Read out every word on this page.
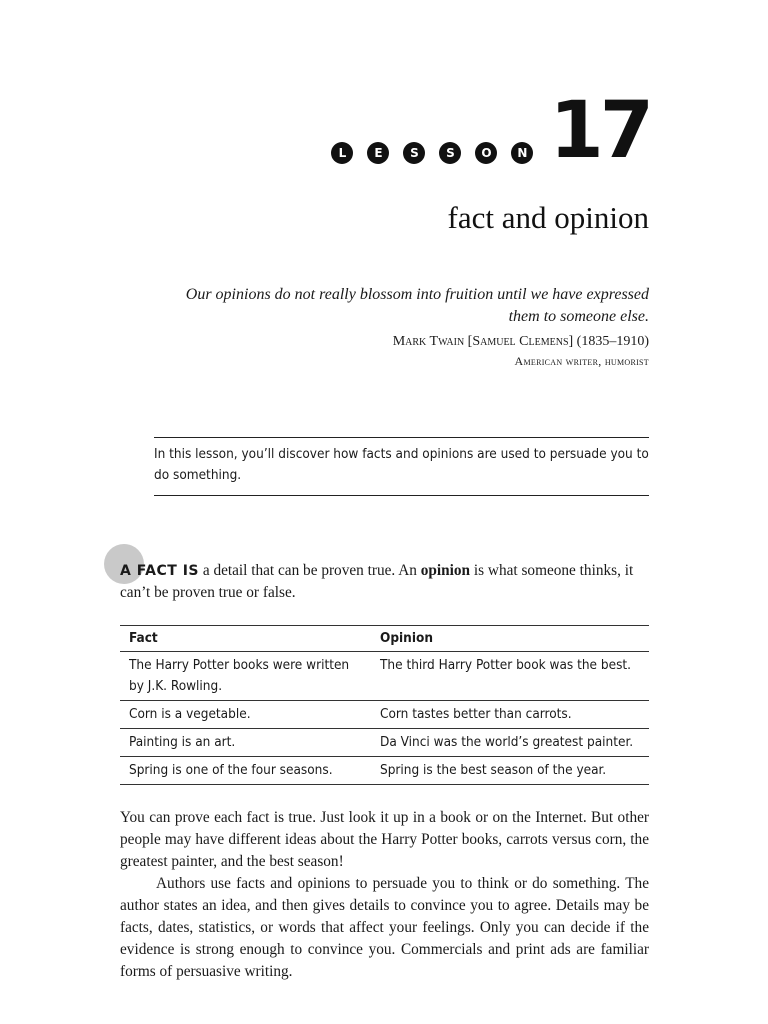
L	E	S	S	O	N 17
fact and opinion
Our opinions do not really blossom into fruition until we have expressed them to someone else.
Mark Twain [Samuel Clemens] (1835–1910)
American writer, humorist
In this lesson, you’ll discover how facts and opinions are used to persuade you to do something.
A FACT IS a detail that can be proven true. An opinion is what someone thinks, it can’t be proven true or false.
Fact	Opinion
The Harry Potter books were written by J.K. Rowling.	The third Harry Potter book was the best.
Corn is a vegetable.	Corn tastes better than carrots.
Painting is an art.	Da Vinci was the world’s greatest painter.
Spring is one of the four seasons.	Spring is the best season of the year.
You can prove each fact is true. Just look it up in a book or on the Internet. But other people may have different ideas about the Harry Potter books, carrots versus corn, the greatest painter, and the best season!
Authors use facts and opinions to persuade you to think or do something. The author states an idea, and then gives details to convince you to agree. Details may be facts, dates, statistics, or words that affect your feelings. Only you can decide if the evidence is strong enough to convince you. Commercials and print ads are familiar forms of persuasive writing.
